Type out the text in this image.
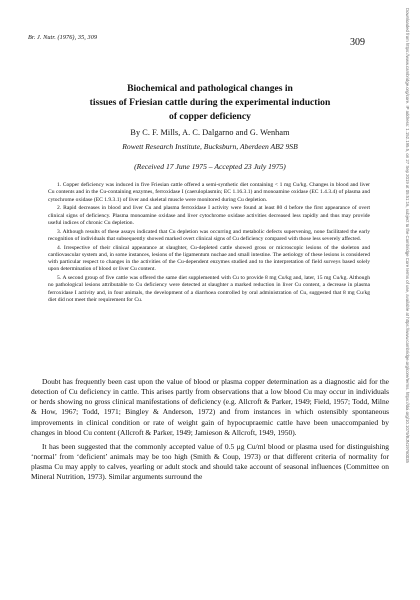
Br. J. Nutr. (1976), 35, 309	309	Downloaded from https://www.cambridge.org/core. IP address: 1.152.195.5, on 27 Sep 2019 at 05:51:16, subject to the Cambridge Core terms of use, available at https://www.cambridge.org/core/terms. https://doi.org/10.1079/BJN19760035
Biochemical and pathological changes in
tissues of Friesian cattle during the experimental induction
of copper deficiency
By C. F. Mills, A. C. Dalgarno and G. Wenham
Rowett Research Institute, Bucksburn, Aberdeen AB2 9SB
(Received 17 June 1975 – Accepted 23 July 1975)

1. Copper deficiency was induced in five Friesian cattle offered a semi-synthetic diet containing < 1 mg Cu/kg. Changes in blood and liver Cu contents and in the Cu-containing enzymes, ferroxidase I (caeruloplasmin; EC 1.16.3.1) and monoamine oxidase (EC 1.4.3.4) of plasma and cytochrome oxidase (EC 1.9.3.1) of liver and skeletal muscle were monitored during Cu depletion.

2. Rapid decreases in blood and liver Cu and plasma ferroxidase I activity were found at least 80 d before the first appearance of overt clinical signs of deficiency. Plasma monoamine oxidase and liver cytochrome oxidase activities decreased less rapidly and thus may provide useful indices of chronic Cu depletion.

3. Although results of these assays indicated that Cu depletion was occurring and metabolic defects supervening, none facilitated the early recognition of individuals that subsequently showed marked overt clinical signs of Cu deficiency compared with those less severely affected.

4. Irrespective of their clinical appearance at slaughter, Cu-depleted cattle showed gross or microscopic lesions of the skeleton and cardiovascular system and, in some instances, lesions of the ligamentum nuchae and small intestine. The aetiology of these lesions is considered with particular respect to changes in the activities of the Cu-dependent enzymes studied and to the interpretation of field surveys based solely upon determination of blood or liver Cu content.

5. A second group of five cattle was offered the same diet supplemented with Cu to provide 8 mg Cu/kg and, later, 15 mg Cu/kg. Although no pathological lesions attributable to Cu deficiency were detected at slaughter a marked reduction in liver Cu content, a decrease in plasma ferroxidase I activity and, in four animals, the development of a diarrhoea controlled by oral administration of Cu, suggested that 8 mg Cu/kg diet did not meet their requirement for Cu.

Doubt has frequently been cast upon the value of blood or plasma copper determination as a diagnostic aid for the detection of Cu deficiency in cattle. This arises partly from observations that a low blood Cu may occur in individuals or herds showing no gross clinical manifestations of deficiency (e.g. Allcroft & Parker, 1949; Field, 1957; Todd, Milne & How, 1967; Todd, 1971; Bingley & Anderson, 1972) and from instances in which ostensibly spontaneous improvements in clinical condition or rate of weight gain of hypocupraemic cattle have been unaccompanied by changes in blood Cu content (Allcroft & Parker, 1949; Jamieson & Allcroft, 1949, 1950).

It has been suggested that the commonly accepted value of 0.5 μg Cu/ml blood or plasma used for distinguishing ‘normal’ from ‘deficient’ animals may be too high (Smith & Coup, 1973) or that different criteria of normality for plasma Cu may apply to calves, yearling or adult stock and should take account of seasonal influences (Committee on Mineral Nutrition, 1973). Similar arguments surround the
